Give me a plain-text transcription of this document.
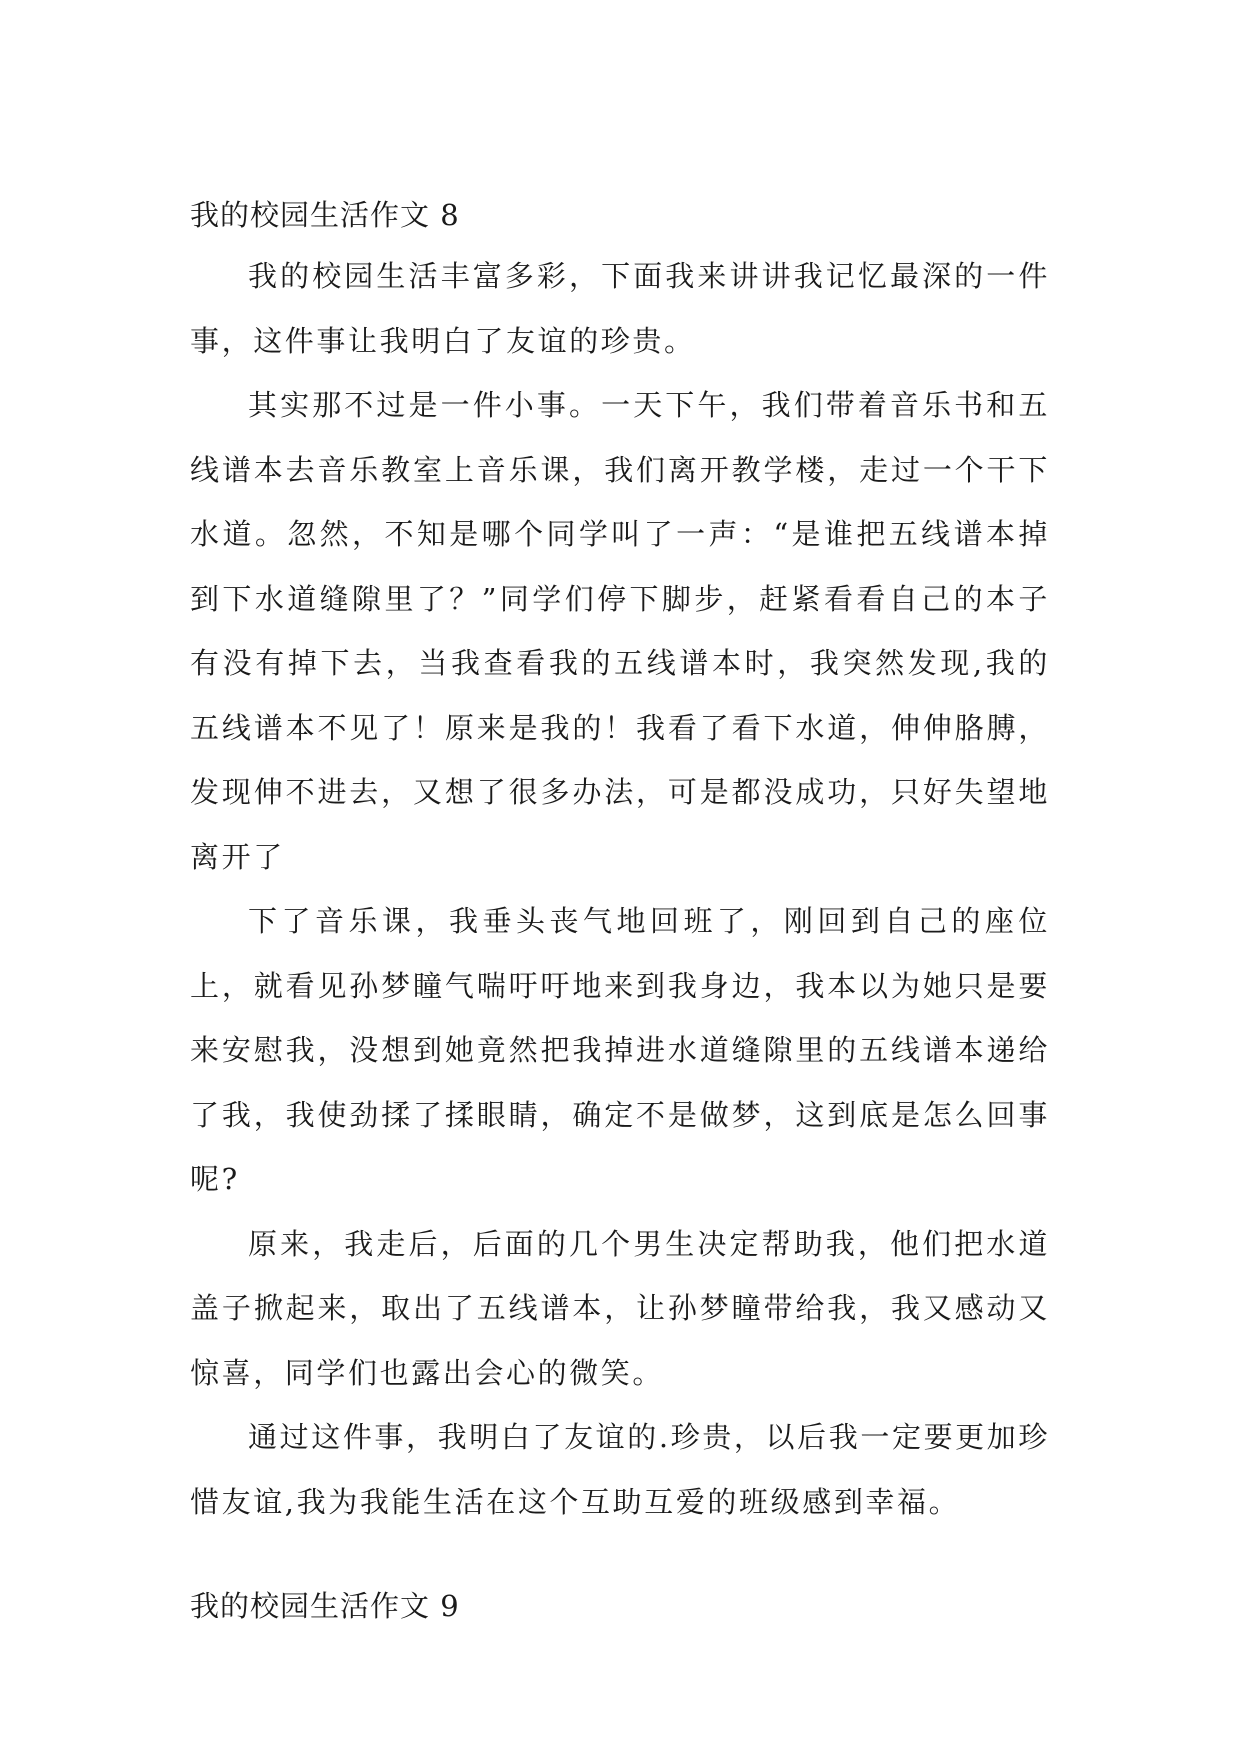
我的校园生活作文 8

我的校园生活丰富多彩，下面我来讲讲我记忆最深的一件事，这件事让我明白了友谊的珍贵。

其实那不过是一件小事。一天下午，我们带着音乐书和五线谱本去音乐教室上音乐课，我们离开教学楼，走过一个干下水道。忽然，不知是哪个同学叫了一声：“是谁把五线谱本掉到下水道缝隙里了？”同学们停下脚步，赶紧看看自己的本子有没有掉下去，当我查看我的五线谱本时，我突然发现,我的五线谱本不见了！原来是我的！我看了看下水道，伸伸胳膊，发现伸不进去，又想了很多办法，可是都没成功，只好失望地离开了

下了音乐课，我垂头丧气地回班了，刚回到自己的座位上，就看见孙梦瞳气喘吁吁地来到我身边，我本以为她只是要来安慰我，没想到她竟然把我掉进水道缝隙里的五线谱本递给了我，我使劲揉了揉眼睛，确定不是做梦，这到底是怎么回事呢?

原来，我走后，后面的几个男生决定帮助我，他们把水道盖子掀起来，取出了五线谱本，让孙梦瞳带给我，我又感动又惊喜，同学们也露出会心的微笑。

通过这件事，我明白了友谊的.珍贵，以后我一定要更加珍惜友谊,我为我能生活在这个互助互爱的班级感到幸福。

我的校园生活作文 9
